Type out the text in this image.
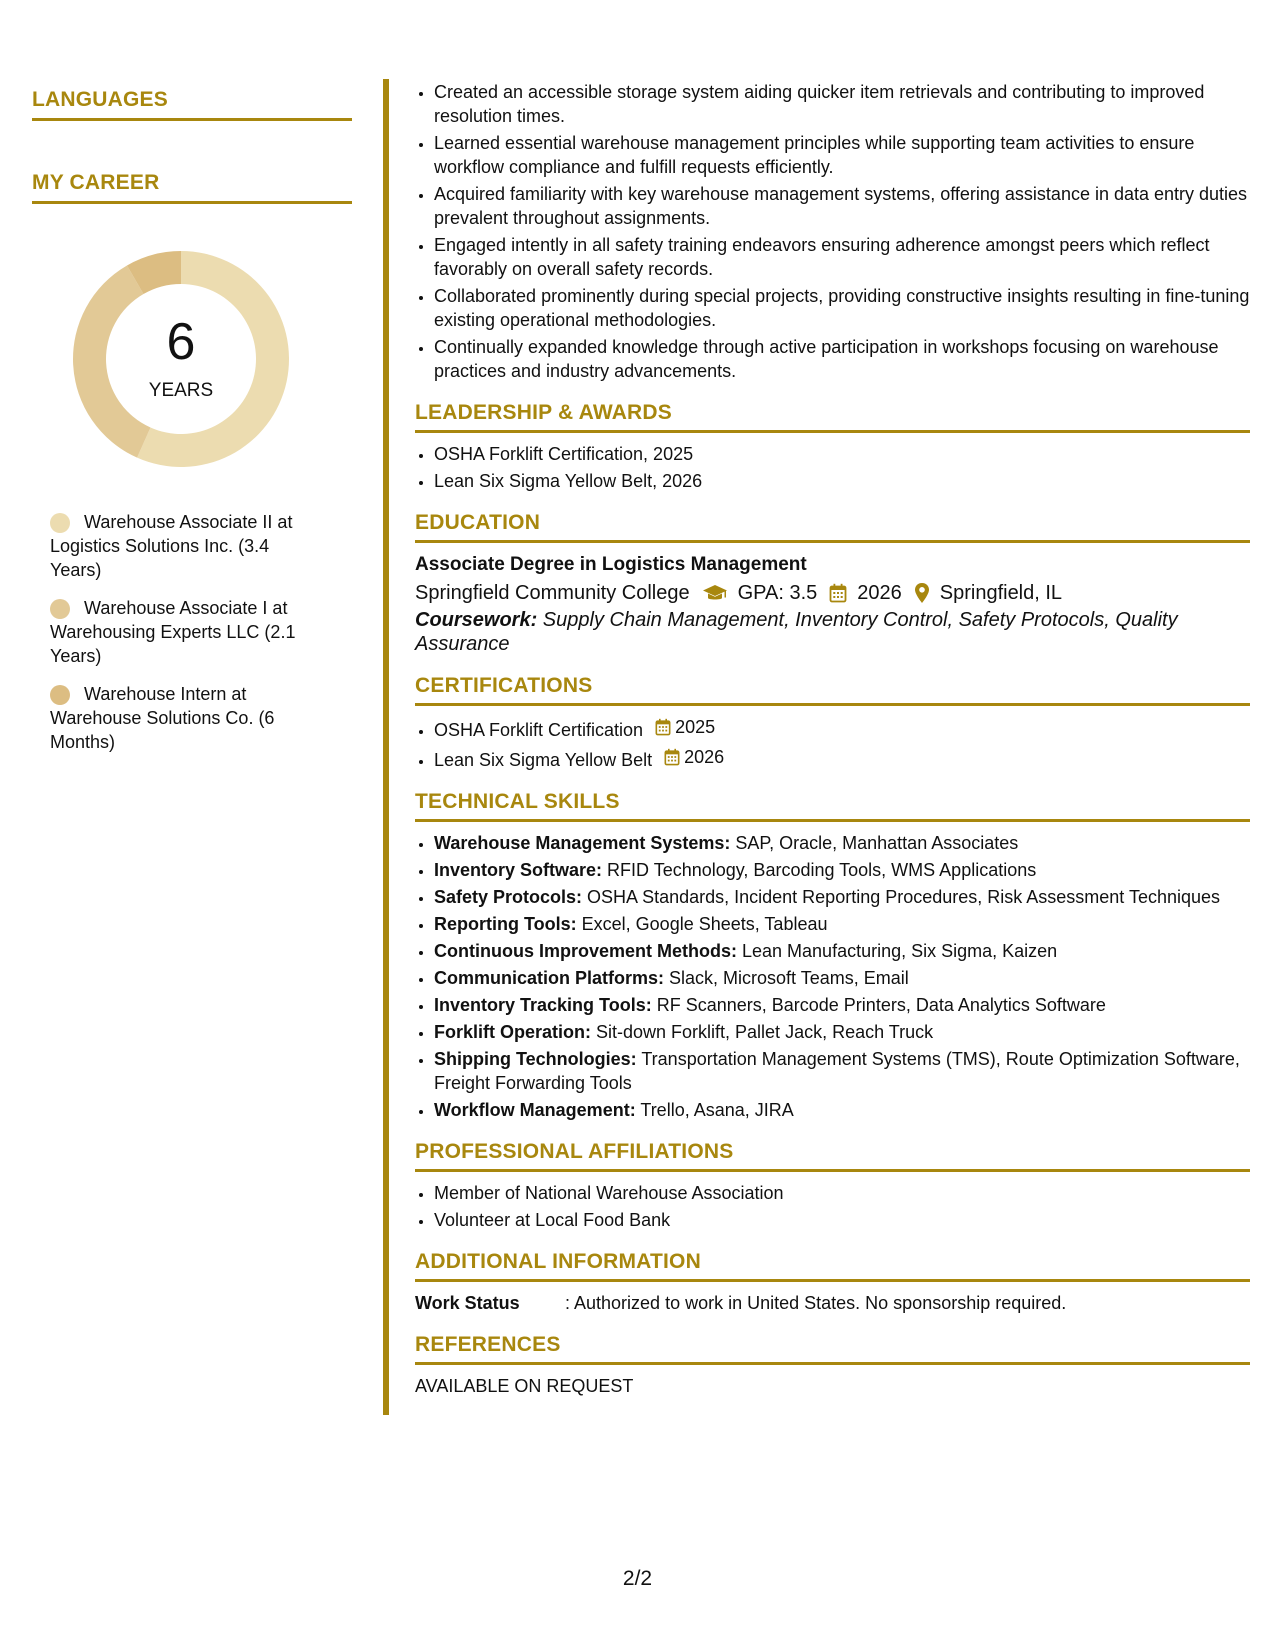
LANGUAGES
MY CAREER
6
YEARS
Warehouse Associate II at Logistics Solutions Inc. (3.4 Years)
Warehouse Associate I at Warehousing Experts LLC (2.1 Years)
Warehouse Intern at Warehouse Solutions Co. (6 Months)
• Created an accessible storage system aiding quicker item retrievals and contributing to improved resolution times.
• Learned essential warehouse management principles while supporting team activities to ensure workflow compliance and fulfill requests efficiently.
• Acquired familiarity with key warehouse management systems, offering assistance in data entry duties prevalent throughout assignments.
• Engaged intently in all safety training endeavors ensuring adherence amongst peers which reflect favorably on overall safety records.
• Collaborated prominently during special projects, providing constructive insights resulting in fine-tuning existing operational methodologies.
• Continually expanded knowledge through active participation in workshops focusing on warehouse practices and industry advancements.
LEADERSHIP & AWARDS
• OSHA Forklift Certification, 2025
• Lean Six Sigma Yellow Belt, 2026
EDUCATION
Associate Degree in Logistics Management
Springfield Community College GPA: 3.5 2026 Springfield, IL
Coursework: Supply Chain Management, Inventory Control, Safety Protocols, Quality Assurance
CERTIFICATIONS
• OSHA Forklift Certification 2025
• Lean Six Sigma Yellow Belt 2026
TECHNICAL SKILLS
• Warehouse Management Systems: SAP, Oracle, Manhattan Associates
• Inventory Software: RFID Technology, Barcoding Tools, WMS Applications
• Safety Protocols: OSHA Standards, Incident Reporting Procedures, Risk Assessment Techniques
• Reporting Tools: Excel, Google Sheets, Tableau
• Continuous Improvement Methods: Lean Manufacturing, Six Sigma, Kaizen
• Communication Platforms: Slack, Microsoft Teams, Email
• Inventory Tracking Tools: RF Scanners, Barcode Printers, Data Analytics Software
• Forklift Operation: Sit-down Forklift, Pallet Jack, Reach Truck
• Shipping Technologies: Transportation Management Systems (TMS), Route Optimization Software, Freight Forwarding Tools
• Workflow Management: Trello, Asana, JIRA
PROFESSIONAL AFFILIATIONS
• Member of National Warehouse Association
• Volunteer at Local Food Bank
ADDITIONAL INFORMATION
Work Status	: Authorized to work in United States. No sponsorship required.
REFERENCES
AVAILABLE ON REQUEST
2/2
